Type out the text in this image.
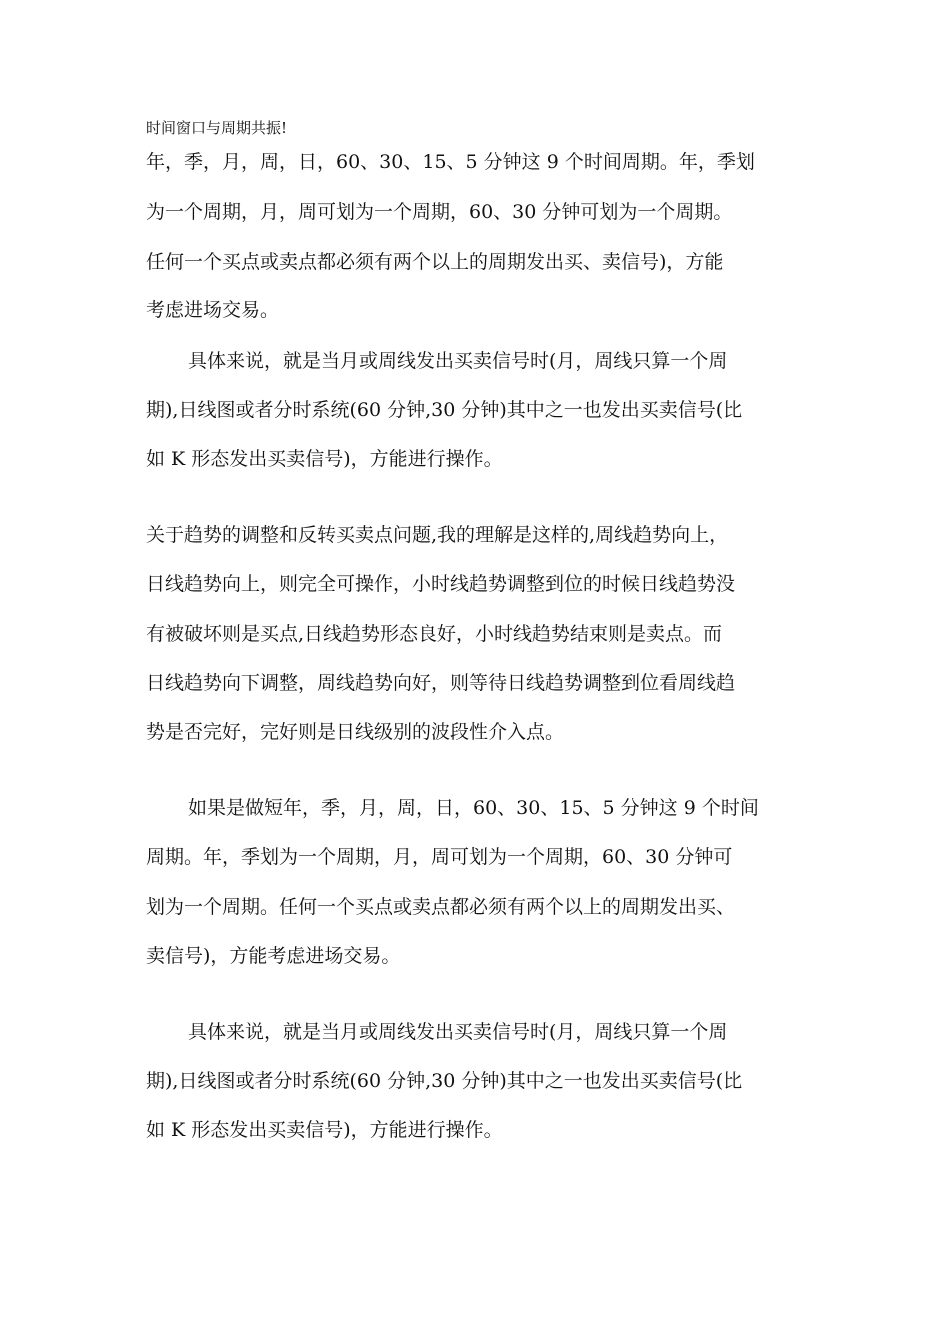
时间窗口与周期共振!

年，季，月，周，日，60、30、15、5 分钟这 9 个时间周期。年，季划

为一个周期，月，周可划为一个周期，60、30 分钟可划为一个周期。

任何一个买点或卖点都必须有两个以上的周期发出买、卖信号)，方能

考虑进场交易。

具体来说，就是当月或周线发出买卖信号时(月，周线只算一个周

期),日线图或者分时系统(60 分钟,30 分钟)其中之一也发出买卖信号(比

如 K 形态发出买卖信号)，方能进行操作。

关于趋势的调整和反转买卖点问题,我的理解是这样的,周线趋势向上，

日线趋势向上，则完全可操作，小时线趋势调整到位的时候日线趋势没

有被破坏则是买点,日线趋势形态良好，小时线趋势结束则是卖点。而

日线趋势向下调整，周线趋势向好，则等待日线趋势调整到位看周线趋

势是否完好，完好则是日线级别的波段性介入点。

如果是做短年，季，月，周，日，60、30、15、5 分钟这 9 个时间

周期。年，季划为一个周期，月，周可划为一个周期，60、30 分钟可

划为一个周期。任何一个买点或卖点都必须有两个以上的周期发出买、

卖信号)，方能考虑进场交易。

具体来说，就是当月或周线发出买卖信号时(月，周线只算一个周

期),日线图或者分时系统(60 分钟,30 分钟)其中之一也发出买卖信号(比

如 K 形态发出买卖信号)，方能进行操作。
